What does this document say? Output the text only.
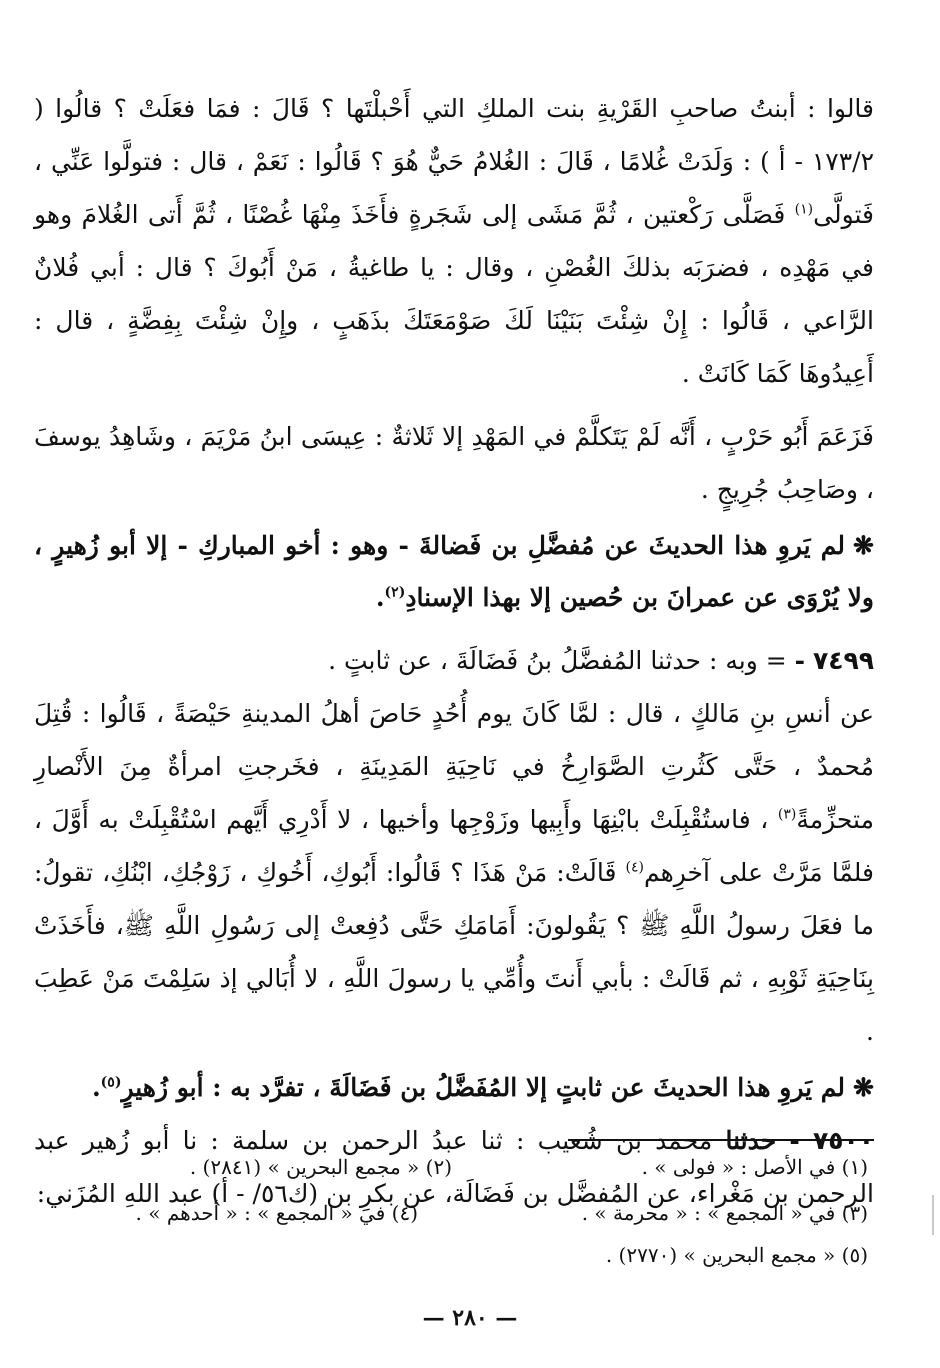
قالوا : أبنتُ صاحبِ القَرْيةِ بنت الملكِ التي أَحْبلْتَها ؟ قَالَ : فمَا فعَلَتْ ؟ قالُوا ( ١٧٣/٢ - أ ) : وَلَدَتْ غُلامًا ، قَالَ : الغُلامُ حَيٌّ هُوَ ؟ قَالُوا : نَعَمْ ، قال : فتولَّوا عَنِّي ، فَتولَّى$^{(١)}$ فَصَلَّى رَكْعتين ، ثُمَّ مَشَى إلى شَجَرةٍ فأَخَذَ مِنْهَا غُصْنًا ، ثُمَّ أَتى الغُلامَ وهو في مَهْدِه ، فضرَبَه بذلكَ الغُصْنِ ، وقال : يا طاغيةُ ، مَنْ أَبُوكَ ؟ قال : أبي فُلانٌ الرَّاعي ، قَالُوا : إِنْ شِئْتَ بَنَيْنَا لَكَ صَوْمَعَتَكَ بذَهَبٍ ، وإِنْ شِئْتَ بِفِضَّةٍ ، قال : أَعِيدُوهَا كَمَا كَانَتْ .

فَزَعَمَ أَبُو حَرْبٍ ، أَنَّه لَمْ يَتَكلَّمْ في المَهْدِ إلا ثَلاثةٌ : عِيسَى ابنُ مَرْيَمَ ، وشَاهِدُ يوسفَ ، وصَاحِبُ جُرِيجٍ .

❋لم يَروِ هذا الحديثَ عن مُفضَّلِ بن فَضالةَ - وهو : أخو المباركِ - إلا أبو زُهيرٍ ، ولا يُرْوَى عن عمرانَ بن حُصين إلا بهذا الإسنادِ$^{(٢)}$.

٧٤٩٩ - = وبه : حدثنا المُفضَّلُ بنُ فَضَالَةَ ، عن ثابتٍ .

عن أنسِ بنِ مَالكٍ ، قال : لمَّا كَانَ يوم أُحُدٍ حَاصَ أهلُ المدينةِ حَيْصَةً ، قَالُوا : قُتِلَ مُحمدٌ ، حَتَّى كَثُرتِ الصَّوَارِخُ في نَاحِيَةِ المَدِينَةِ ، فخَرجتِ امرأةٌ مِنَ الأَنْصارِ متحزِّمةً$^{(٣)}$ ، فاستُقْبِلَتْ بابْنِهَا وأَبِيها وزَوْجِها وأخيها ، لا أَدْرِي أَيَّهم اسْتُقْبِلَتْ به أَوَّلَ ، فلمَّا مَرَّتْ على آخرِهم$^{(٤)}$ قَالَتْ: مَنْ هَذَا ؟ قَالُوا: أَبُوكِ، أَخُوكِ ، زَوْجُكِ، ابْنُكِ، تقولُ: ما فعَلَ رسولُ اللَّهِ ﷺ ؟ يَقُولونَ: أَمَامَكِ حَتَّى دُفِعتْ إلى رَسُولِ اللَّهِ ﷺ، فأَخَذَتْ بِنَاحِيَةِ ثَوْبِهِ ، ثم قَالَتْ : بأبي أَنتَ وأُمِّي يا رسولَ اللَّهِ ، لا أُبَالي إذ سَلِمْتَ مَنْ عَطِبَ .

❋لم يَروِ هذا الحديثَ عن ثابتٍ إلا المُفَضَّلُ بن فَضَالَةَ ، تفرَّد به : أبو زُهيرٍ$^{(٥)}$.

٧٥٠٠ - حدثنا محمد بن شُعيب : ثنا عبدُ الرحمن بن سلمة : نا أبو زُهير عبد الرحمن بن مَغْراء، عن المُفضَّل بن فَضَالَة، عن بكرِ بن (ك٥٦/ - أ) عبد اللهِ المُزَني:

(١) في الأصل : « فولى » .
(٢) « مجمع البحرين » (٢٨٤١) .
(٣) في « المجمع » : « محرمة » .
(٤) في « المجمع » : « أحدهم » .
(٥) « مجمع البحرين » (٢٧٧٠) .
— ٢٨٠ —
